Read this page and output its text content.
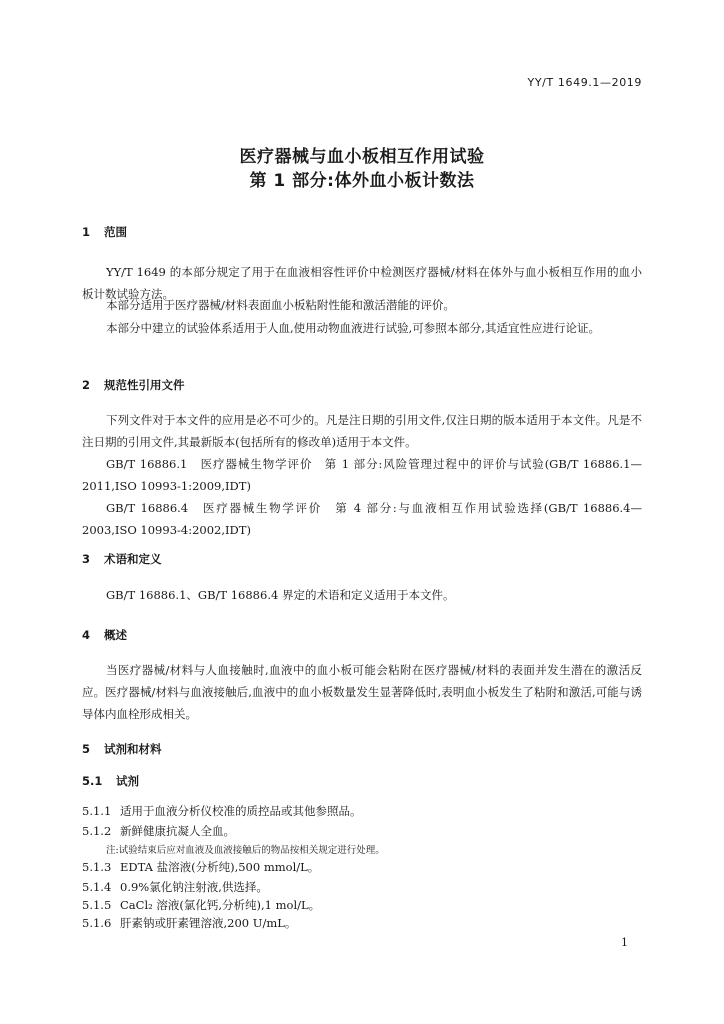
YY/T 1649.1—2019
医疗器械与血小板相互作用试验
第 1 部分:体外血小板计数法
1 范围
YY/T 1649 的本部分规定了用于在血液相容性评价中检测医疗器械/材料在体外与血小板相互作用的血小板计数试验方法。
本部分适用于医疗器械/材料表面血小板粘附性能和激活潜能的评价。
本部分中建立的试验体系适用于人血,使用动物血液进行试验,可参照本部分,其适宜性应进行论证。
2 规范性引用文件
下列文件对于本文件的应用是必不可少的。凡是注日期的引用文件,仅注日期的版本适用于本文件。凡是不注日期的引用文件,其最新版本(包括所有的修改单)适用于本文件。
GB/T 16886.1　医疗器械生物学评价　第 1 部分:风险管理过程中的评价与试验(GB/T 16886.1—2011,ISO 10993-1:2009,IDT)
GB/T 16886.4　医疗器械生物学评价　第 4 部分:与血液相互作用试验选择(GB/T 16886.4—2003,ISO 10993-4:2002,IDT)
3 术语和定义
GB/T 16886.1、GB/T 16886.4 界定的术语和定义适用于本文件。
4 概述
当医疗器械/材料与人血接触时,血液中的血小板可能会粘附在医疗器械/材料的表面并发生潜在的激活反应。医疗器械/材料与血液接触后,血液中的血小板数量发生显著降低时,表明血小板发生了粘附和激活,可能与诱导体内血栓形成相关。
5 试剂和材料
5.1 试剂
5.1.1 适用于血液分析仪校准的质控品或其他参照品。
5.1.2 新鲜健康抗凝人全血。
注:试验结束后应对血液及血液接触后的物品按相关规定进行处理。
5.1.3 EDTA 盐溶液(分析纯),500 mmol/L。
5.1.4 0.9%氯化钠注射液,供选择。
5.1.5 CaCl₂ 溶液(氯化钙,分析纯),1 mol/L。
5.1.6 肝素钠或肝素锂溶液,200 U/mL。
1
